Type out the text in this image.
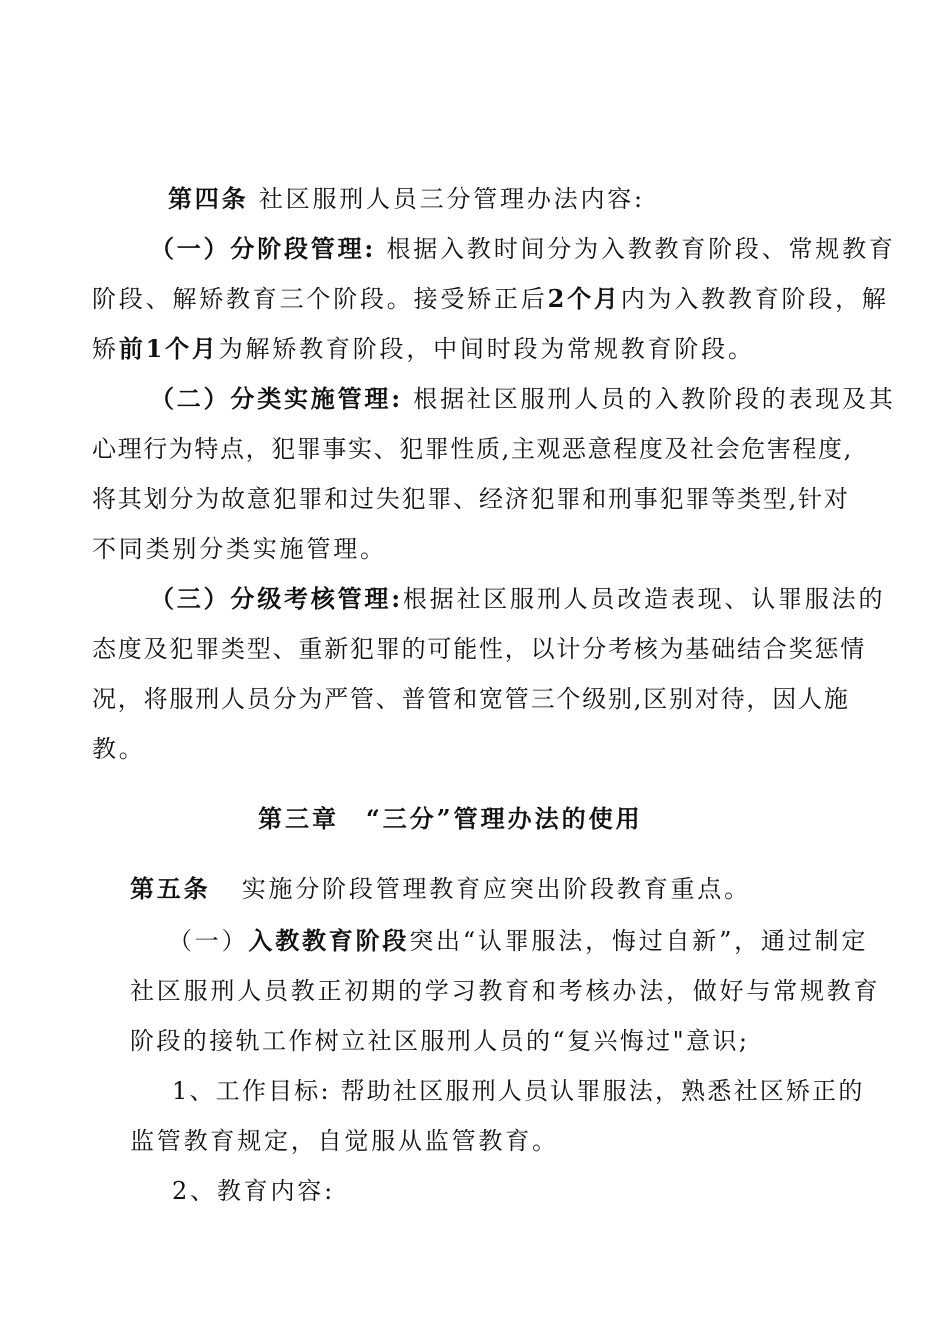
第四条 社区服刑人员三分管理办法内容:
（一）分阶段管理: 根据入教时间分为入教教育阶段、常规教育
阶段、解矫教育三个阶段。接受矫正后2个月内为入教教育阶段，解
矫前1个月为解矫教育阶段，中间时段为常规教育阶段。
（二）分类实施管理: 根据社区服刑人员的入教阶段的表现及其
心理行为特点，犯罪事实、犯罪性质,主观恶意程度及社会危害程度,
将其划分为故意犯罪和过失犯罪、经济犯罪和刑事犯罪等类型,针对
不同类别分类实施管理。
（三）分级考核管理:根据社区服刑人员改造表现、认罪服法的
态度及犯罪类型、重新犯罪的可能性，以计分考核为基础结合奖惩情
况，将服刑人员分为严管、普管和宽管三个级别,区别对待，因人施
教。
第三章　“三分”管理办法的使用
第五条 实施分阶段管理教育应突出阶段教育重点。
（一）入教教育阶段突出“认罪服法，悔过自新”，通过制定
社区服刑人员教正初期的学习教育和考核办法，做好与常规教育
阶段的接轨工作树立社区服刑人员的“复兴悔过"意识;
1、工作目标: 帮助社区服刑人员认罪服法，熟悉社区矫正的
监管教育规定，自觉服从监管教育。
2、教育内容:
